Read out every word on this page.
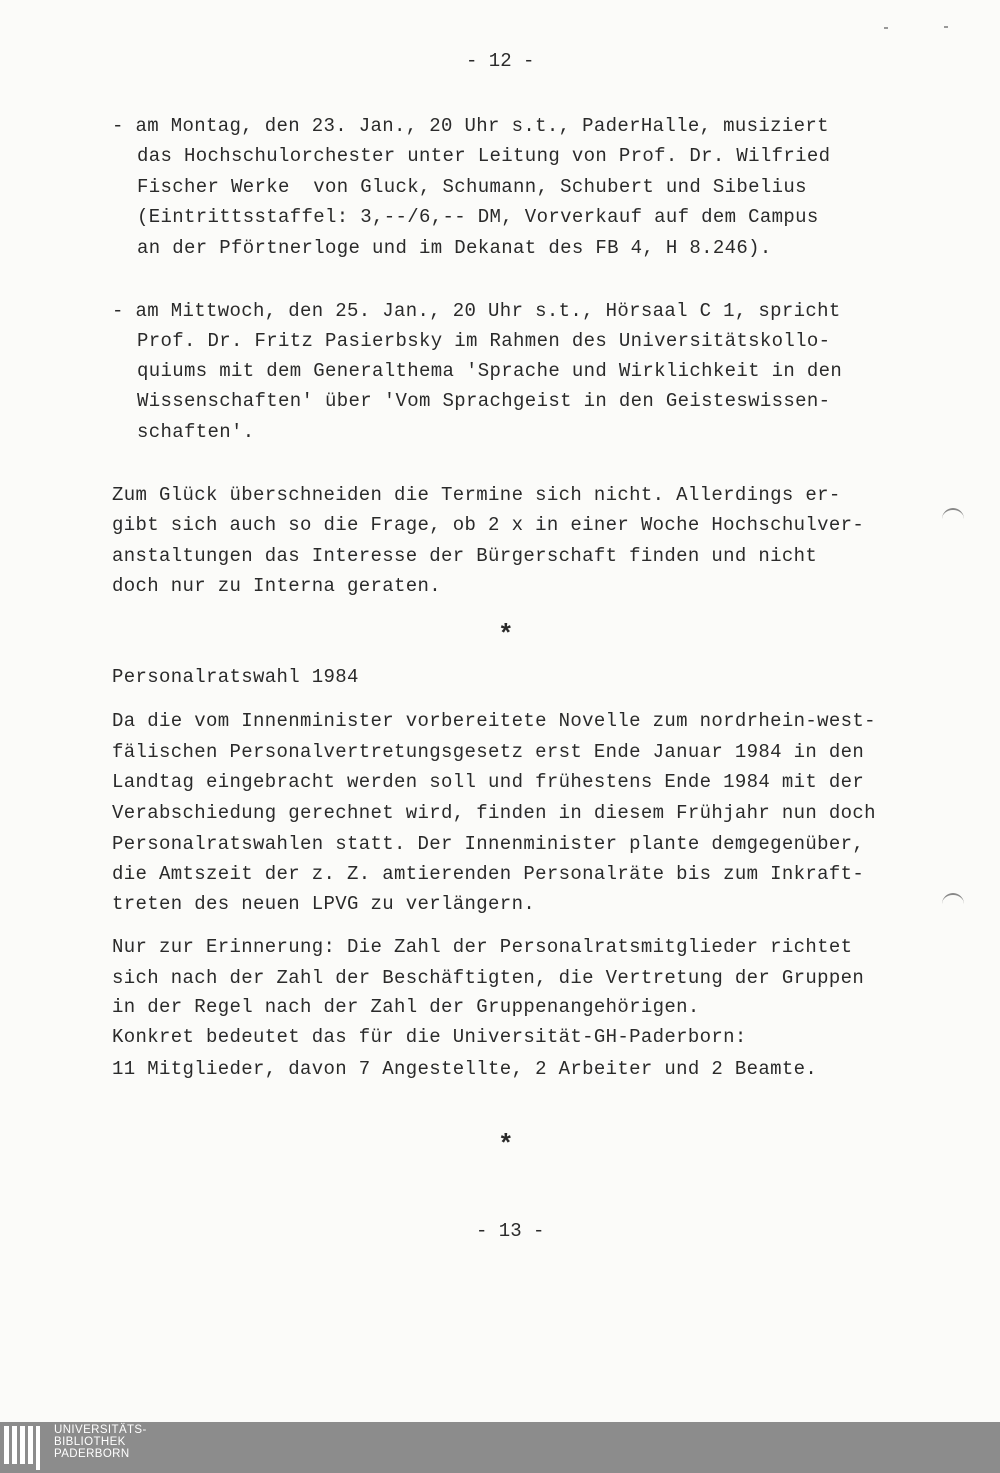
- 12 -
- am Montag, den 23. Jan., 20 Uhr s.t., PaderHalle, musiziert
das Hochschulorchester unter Leitung von Prof. Dr. Wilfried
Fischer Werke  von Gluck, Schumann, Schubert und Sibelius
(Eintrittsstaffel: 3,--/6,-- DM, Vorverkauf auf dem Campus
an der Pförtnerloge und im Dekanat des FB 4, H 8.246).
- am Mittwoch, den 25. Jan., 20 Uhr s.t., Hörsaal C 1, spricht
Prof. Dr. Fritz Pasierbsky im Rahmen des Universitätskollo-
quiums mit dem Generalthema 'Sprache und Wirklichkeit in den
Wissenschaften' über 'Vom Sprachgeist in den Geisteswissen-
schaften'.
Zum Glück überschneiden die Termine sich nicht. Allerdings er-
gibt sich auch so die Frage, ob 2 x in einer Woche Hochschulver-
anstaltungen das Interesse der Bürgerschaft finden und nicht
doch nur zu Interna geraten.
*
Personalratswahl 1984
Da die vom Innenminister vorbereitete Novelle zum nordrhein-west-
fälischen Personalvertretungsgesetz erst Ende Januar 1984 in den
Landtag eingebracht werden soll und frühestens Ende 1984 mit der
Verabschiedung gerechnet wird, finden in diesem Frühjahr nun doch
Personalratswahlen statt. Der Innenminister plante demgegenüber,
die Amtszeit der z. Z. amtierenden Personalräte bis zum Inkraft-
treten des neuen LPVG zu verlängern.
Nur zur Erinnerung: Die Zahl der Personalratsmitglieder richtet
sich nach der Zahl der Beschäftigten, die Vertretung der Gruppen
in der Regel nach der Zahl der Gruppenangehörigen.
Konkret bedeutet das für die Universität-GH-Paderborn:
11 Mitglieder, davon 7 Angestellte, 2 Arbeiter und 2 Beamte.
*
- 13 -
UNIVERSITÄTS-
BIBLIOTHEK
PADERBORN
